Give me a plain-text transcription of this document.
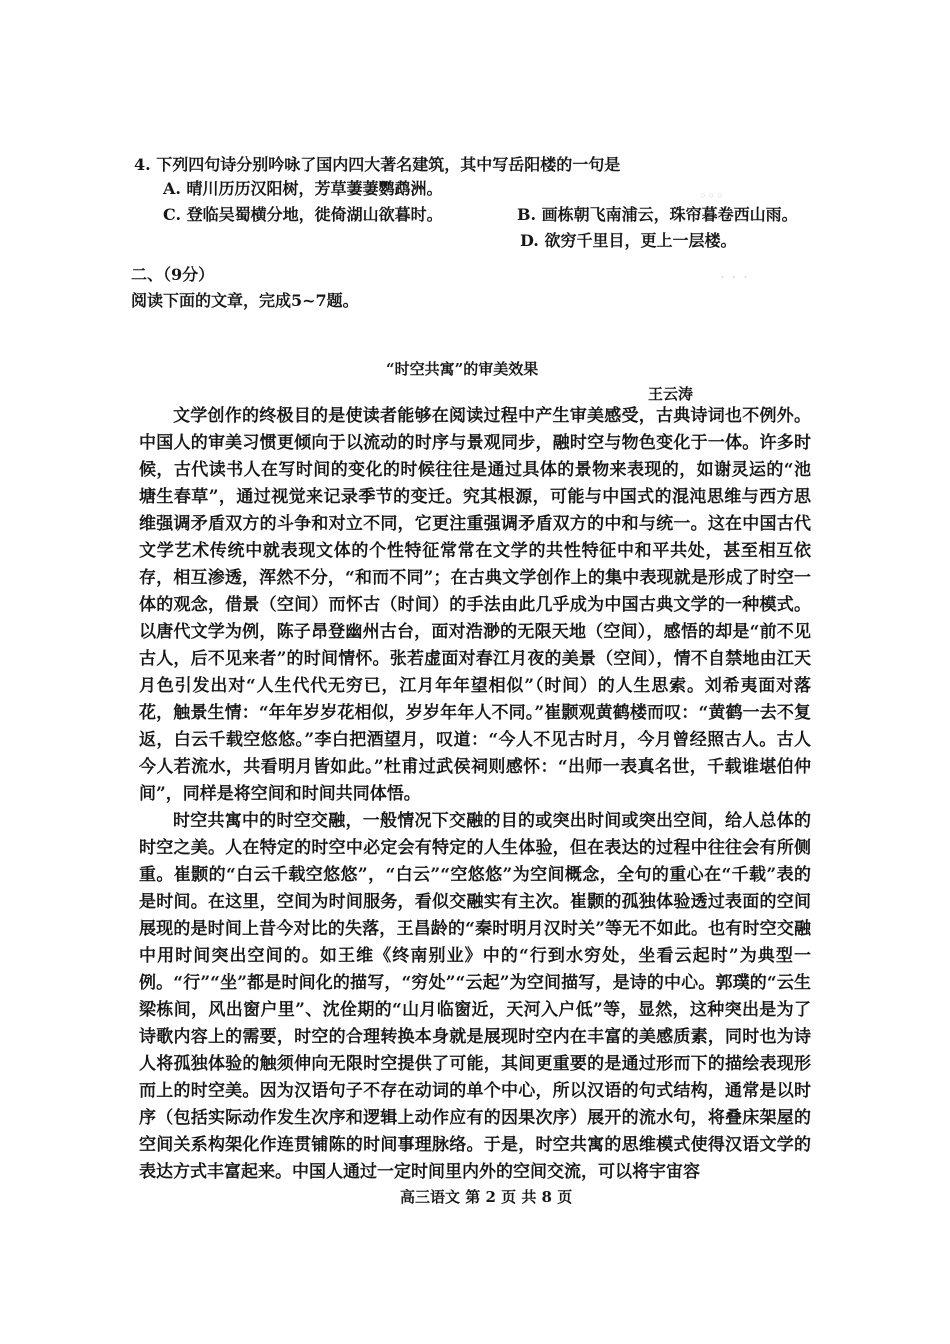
。。。
· · ·
4. 下列四句诗分别吟咏了国内四大著名建筑，其中写岳阳楼的一句是
A. 晴川历历汉阳树，芳草萋萋鹦鹉洲。
C. 登临吴蜀横分地，徙倚湖山欲暮时。	B. 画栋朝飞南浦云，珠帘暮卷西山雨。
D. 欲穷千里目，更上一层楼。
二、（9分）
阅读下面的文章，完成5~7题。
“时空共寓”的审美效果
王云涛

文学创作的终极目的是使读者能够在阅读过程中产生审美感受，古典诗词也不例外。中国人的审美习惯更倾向于以流动的时序与景观同步，融时空与物色变化于一体。许多时候，古代读书人在写时间的变化的时候往往是通过具体的景物来表现的，如谢灵运的“池塘生春草”，通过视觉来记录季节的变迁。究其根源，可能与中国式的混沌思维与西方思维强调矛盾双方的斗争和对立不同，它更注重强调矛盾双方的中和与统一。这在中国古代文学艺术传统中就表现文体的个性特征常常在文学的共性特征中和平共处，甚至相互依存，相互渗透，浑然不分，“和而不同”；在古典文学创作上的集中表现就是形成了时空一体的观念，借景（空间）而怀古（时间）的手法由此几乎成为中国古典文学的一种模式。以唐代文学为例，陈子昂登幽州古台，面对浩渺的无限天地（空间），感悟的却是“前不见古人，后不见来者”的时间情怀。张若虚面对春江月夜的美景（空间），情不自禁地由江天月色引发出对“人生代代无穷已，江月年年望相似”（时间）的人生思索。刘希夷面对落花，触景生情：“年年岁岁花相似，岁岁年年人不同。”崔颢观黄鹤楼而叹：“黄鹤一去不复返，白云千载空悠悠。”李白把酒望月，叹道：“今人不见古时月，今月曾经照古人。古人今人若流水，共看明月皆如此。”杜甫过武侯祠则感怀：“出师一表真名世，千载谁堪伯仲间”，同样是将空间和时间共同体悟。

时空共寓中的时空交融，一般情况下交融的目的或突出时间或突出空间，给人总体的时空之美。人在特定的时空中必定会有特定的人生体验，但在表达的过程中往往会有所侧重。崔颢的“白云千载空悠悠”，“白云”“空悠悠”为空间概念，全句的重心在“千载”表的是时间。在这里，空间为时间服务，看似交融实有主次。崔颢的孤独体验透过表面的空间展现的是时间上昔今对比的失落，王昌龄的“秦时明月汉时关”等无不如此。也有时空交融中用时间突出空间的。如王维《终南别业》中的“行到水穷处，坐看云起时”为典型一例。“行”“坐”都是时间化的描写，“穷处”“云起”为空间描写，是诗的中心。郭璞的“云生梁栋间，风出窗户里”、沈佺期的“山月临窗近，天河入户低”等，显然，这种突出是为了诗歌内容上的需要，时空的合理转换本身就是展现时空内在丰富的美感质素，同时也为诗人将孤独体验的触须伸向无限时空提供了可能，其间更重要的是通过形而下的描绘表现形而上的时空美。因为汉语句子不存在动词的单个中心，所以汉语的句式结构，通常是以时序（包括实际动作发生次序和逻辑上动作应有的因果次序）展开的流水句，将叠床架屋的空间关系构架化作连贯铺陈的时间事理脉络。于是，时空共寓的思维模式使得汉语文学的表达方式丰富起来。中国人通过一定时间里内外的空间交流，可以将宇宙容

高三语文 第 2 页 共 8 页
